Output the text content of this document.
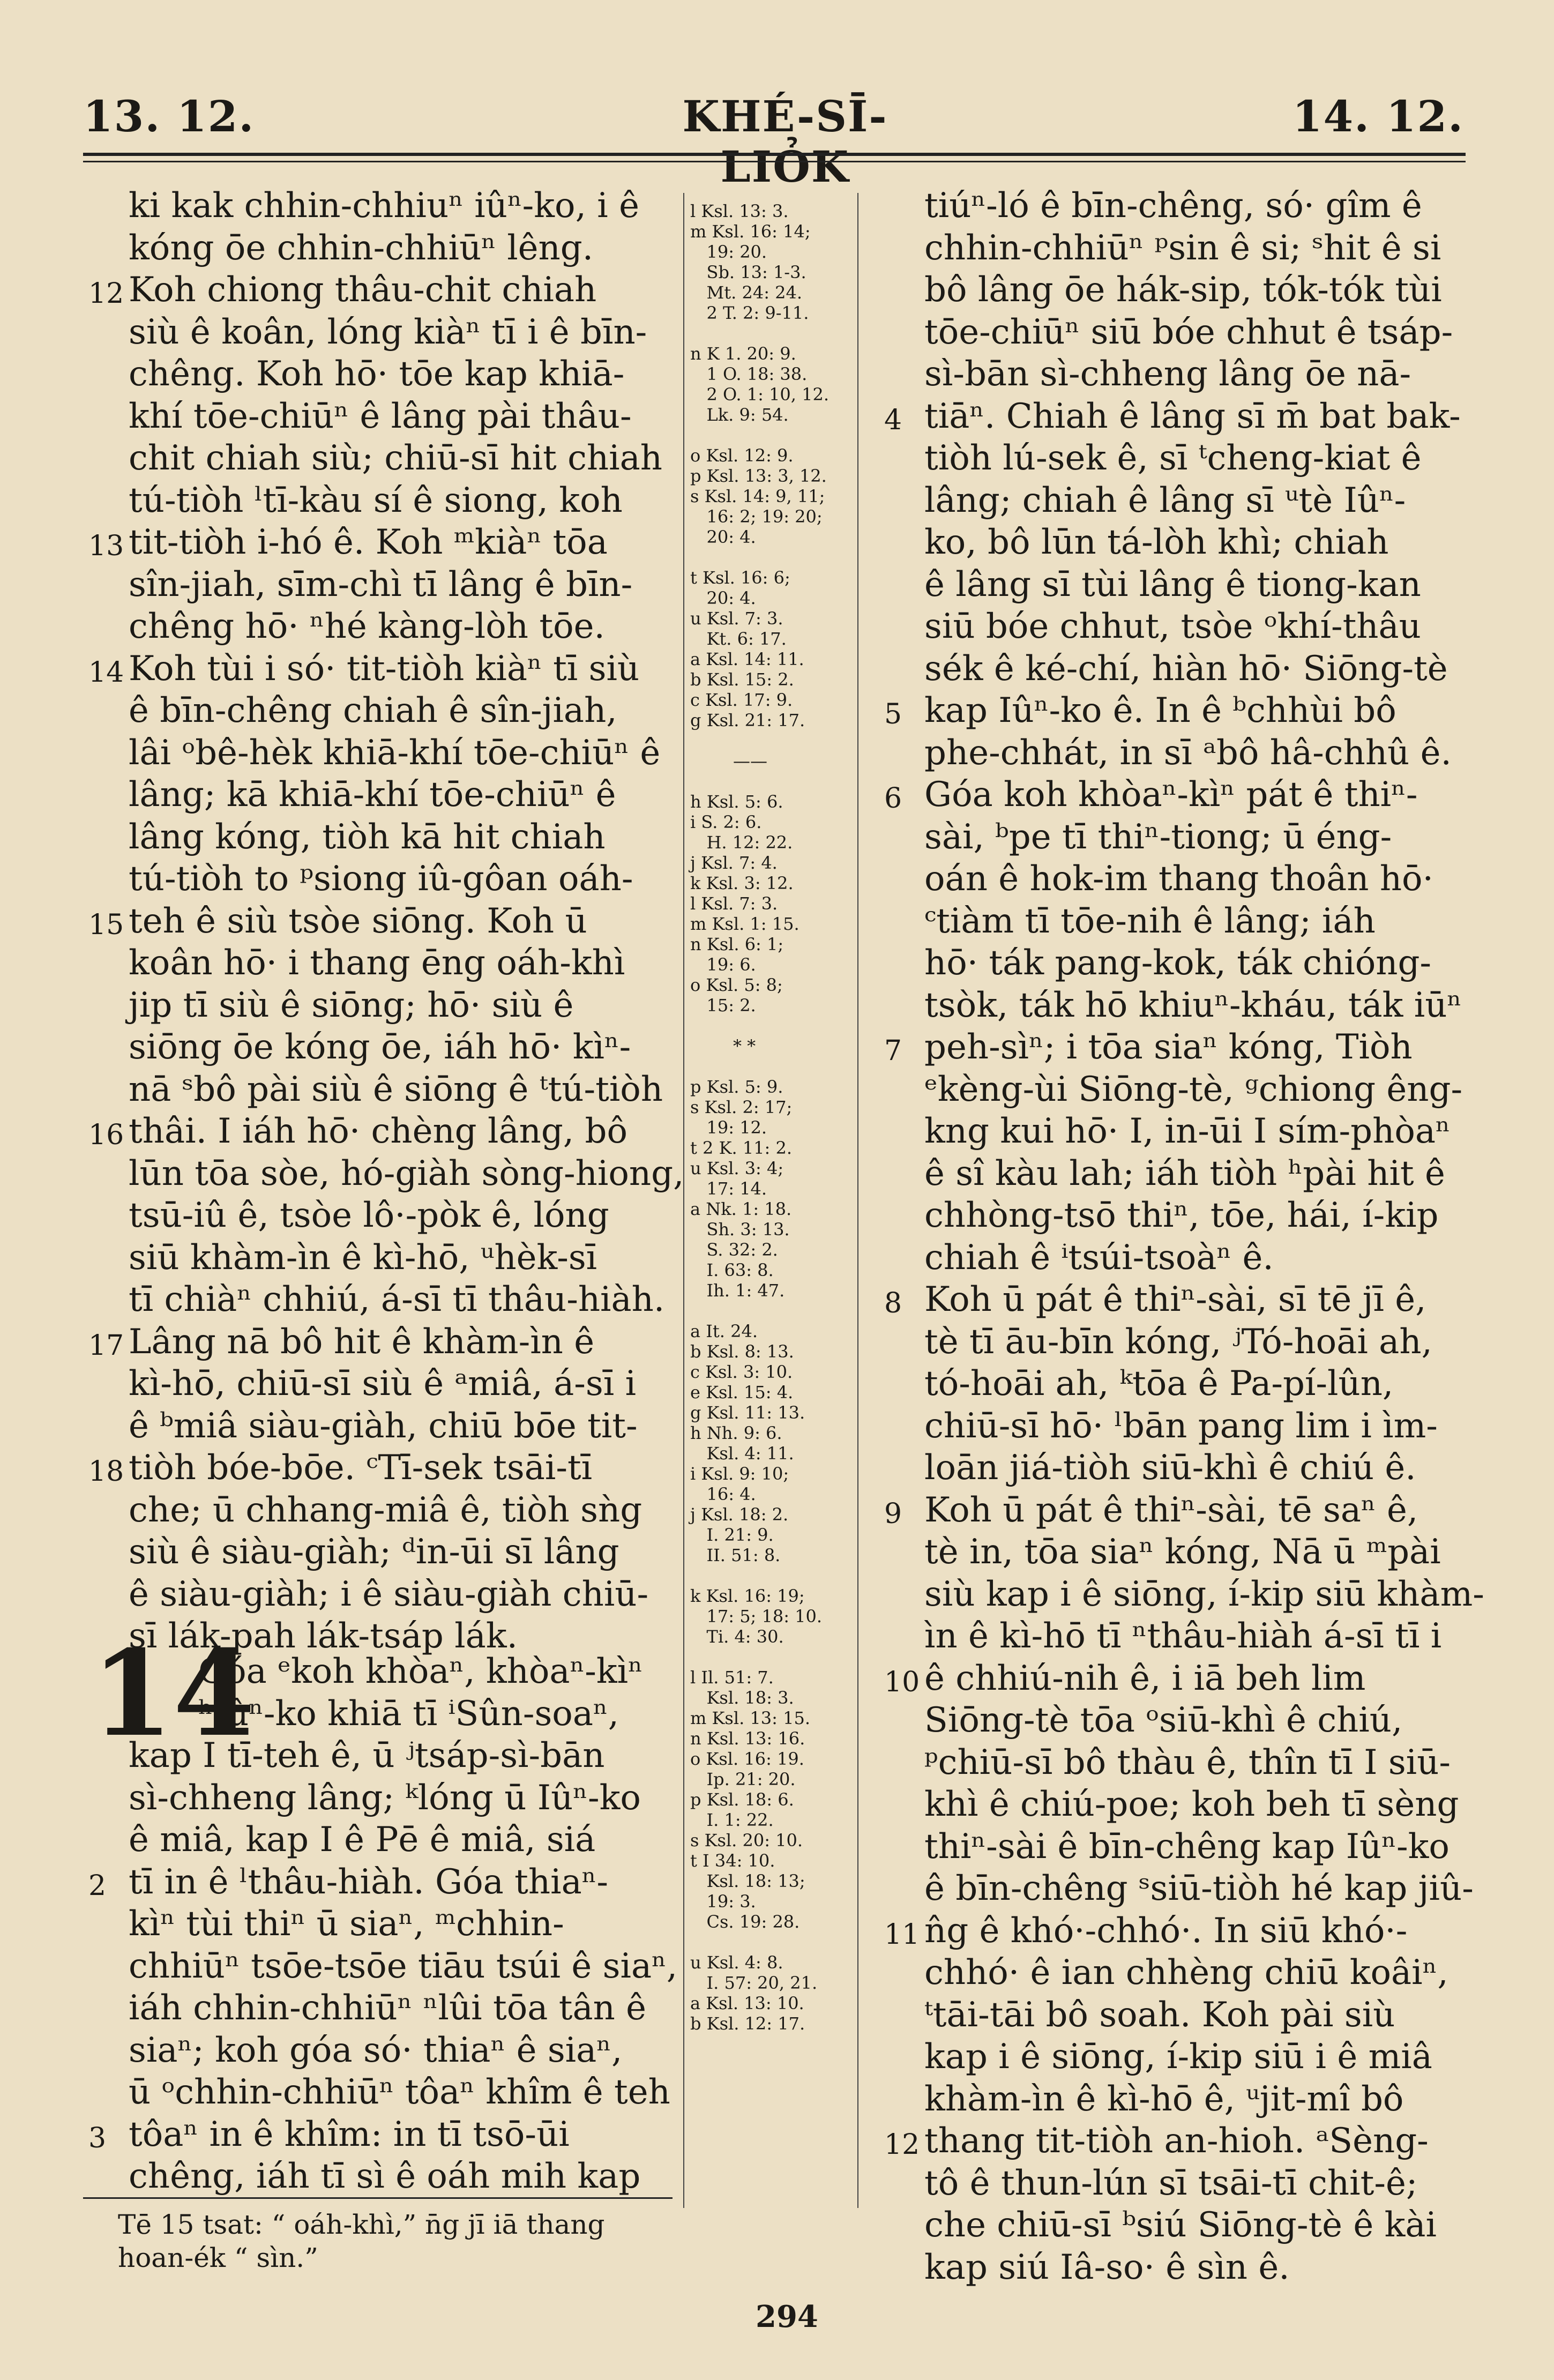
13. 12.	KHÉ-SĪ-LIỎK
14. 12.
ki kak chhin-chhiuⁿ iûⁿ-ko, i ê
kóng ōe chhin-chhiūⁿ lêng.
Koh chiong thâu-chit chiah
siù ê koân, lóng kiàⁿ tī i ê bīn-
chêng. Koh hō· tōe kap khiā-
khí tōe-chiūⁿ ê lâng pài thâu-
chit chiah siù; chiū-sī hit chiah
tú-tiòh ˡtī-kàu sí ê siong, koh
tit-tiòh i-hó ê. Koh ᵐkiàⁿ tōa
sîn-jiah, sīm-chì tī lâng ê bīn-
chêng hō· ⁿhé kàng-lòh tōe.
Koh tùi i só· tit-tiòh kiàⁿ tī siù
ê bīn-chêng chiah ê sîn-jiah,
lâi ᵒbê-hèk khiā-khí tōe-chiūⁿ ê
lâng; kā khiā-khí tōe-chiūⁿ ê
lâng kóng, tiòh kā hit chiah
tú-tiòh to ᵖsiong iû-gôan oáh-
teh ê siù tsòe siōng. Koh ū
koân hō· i thang ēng oáh-khì
jip tī siù ê siōng; hō· siù ê
siōng ōe kóng ōe, iáh hō· kìⁿ-
nā ˢbô pài siù ê siōng ê ᵗtú-tiòh
thâi. I iáh hō· chèng lâng, bô
lūn tōa sòe, hó-giàh sòng-hiong,
tsū-iû ê, tsòe lô·-pòk ê, lóng
siū khàm-ìn ê kì-hō, ᵘhèk-sī
tī chiàⁿ chhiú, á-sī tī thâu-hiàh.
Lâng nā bô hit ê khàm-ìn ê
kì-hō, chiū-sī siù ê ᵃmiâ, á-sī i
ê ᵇmiâ siàu-giàh, chiū bōe tit-
tiòh bóe-bōe. ᶜTī-sek tsāi-tī
che; ū chhang-miâ ê, tiòh sǹg
siù ê siàu-giàh; ᵈin-ūi sī lâng
ê siàu-giàh; i ê siàu-giàh chiū-
sī lák-pah lák-tsáp lák.
12
13
14
15
16
17
18
14
Góa ᵉkoh khòaⁿ, khòaⁿ-kìⁿ
ʰIûⁿ-ko khiā tī ⁱSûn-soaⁿ,
kap I tī-teh ê, ū ʲtsáp-sì-bān
sì-chheng lâng; ᵏlóng ū Iûⁿ-ko
ê miâ, kap I ê Pē ê miâ, siá
tī in ê ˡthâu-hiàh. Góa thiaⁿ-
kìⁿ tùi thiⁿ ū siaⁿ, ᵐchhin-
chhiūⁿ tsōe-tsōe tiāu tsúi ê siaⁿ,
iáh chhin-chhiūⁿ ⁿlûi tōa tân ê
siaⁿ; koh góa só· thiaⁿ ê siaⁿ,
ū ᵒchhin-chhiūⁿ tôaⁿ khîm ê teh
tôaⁿ in ê khîm: in tī tsō-ūi
chêng, iáh tī sì ê oáh mih kap
2
3
l Ksl. 13: 3.
m Ksl. 16: 14;
19: 20.
Sb. 13: 1-3.
Mt. 24: 24.
2 T. 2: 9-11.

n K 1. 20: 9.
1 O. 18: 38.
2 O. 1: 10, 12.
Lk. 9: 54.

o Ksl. 12: 9.
p Ksl. 13: 3, 12.
s Ksl. 14: 9, 11;
16: 2; 19: 20;
20: 4.

t Ksl. 16: 6;
20: 4.
u Ksl. 7: 3.
Kt. 6: 17.
a Ksl. 14: 11.
b Ksl. 15: 2.
c Ksl. 17: 9.
g Ksl. 21: 17.

——

h Ksl. 5: 6.
i S. 2: 6.
H. 12: 22.
j Ksl. 7: 4.
k Ksl. 3: 12.
l Ksl. 7: 3.
m Ksl. 1: 15.
n Ksl. 6: 1;
19: 6.
o Ksl. 5: 8;
15: 2.

* *

p Ksl. 5: 9.
s Ksl. 2: 17;
19: 12.
t 2 K. 11: 2.
u Ksl. 3: 4;
17: 14.
a Nk. 1: 18.
Sh. 3: 13.
S. 32: 2.
I. 63: 8.
Ih. 1: 47.

a It. 24.
b Ksl. 8: 13.
c Ksl. 3: 10.
e Ksl. 15: 4.
g Ksl. 11: 13.
h Nh. 9: 6.
Ksl. 4: 11.
i Ksl. 9: 10;
16: 4.
j Ksl. 18: 2.
I. 21: 9.
II. 51: 8.

k Ksl. 16: 19;
17: 5; 18: 10.
Ti. 4: 30.

l Il. 51: 7.
Ksl. 18: 3.
m Ksl. 13: 15.
n Ksl. 13: 16.
o Ksl. 16: 19.
Ip. 21: 20.
p Ksl. 18: 6.
I. 1: 22.
s Ksl. 20: 10.
t I 34: 10.
Ksl. 18: 13;
19: 3.
Cs. 19: 28.

u Ksl. 4: 8.
I. 57: 20, 21.
a Ksl. 13: 10.
b Ksl. 12: 17.
tiúⁿ-ló ê bīn-chêng, só· gîm ê
chhin-chhiūⁿ ᵖsin ê si; ˢhit ê si
bô lâng ōe hák-sip, tók-tók tùi
tōe-chiūⁿ siū bóe chhut ê tsáp-
sì-bān sì-chheng lâng ōe nā-
tiāⁿ. Chiah ê lâng sī m̄ bat bak-
tiòh lú-sek ê, sī ᵗcheng-kiat ê
lâng; chiah ê lâng sī ᵘtè Iûⁿ-
ko, bô lūn tá-lòh khì; chiah
ê lâng sī tùi lâng ê tiong-kan
siū bóe chhut, tsòe ᵒkhí-thâu
sék ê ké-chí, hiàn hō· Siōng-tè
kap Iûⁿ-ko ê. In ê ᵇchhùi bô
phe-chhát, in sī ᵃbô hâ-chhû ê.
Góa koh khòaⁿ-kìⁿ pát ê thiⁿ-
sài, ᵇpe tī thiⁿ-tiong; ū éng-
oán ê hok-im thang thoân hō·
ᶜtiàm tī tōe-nih ê lâng; iáh
hō· ták pang-kok, ták chióng-
tsòk, ták hō khiuⁿ-kháu, ták iūⁿ
peh-sìⁿ; i tōa siaⁿ kóng, Tiòh
ᵉkèng-ùi Siōng-tè, ᵍchiong êng-
kng kui hō· I, in-ūi I sím-phòaⁿ
ê sî kàu lah; iáh tiòh ʰpài hit ê
chhòng-tsō thiⁿ, tōe, hái, í-kip
chiah ê ⁱtsúi-tsoàⁿ ê.
Koh ū pát ê thiⁿ-sài, sī tē jī ê,
tè tī āu-bīn kóng, ʲTó-hoāi ah,
tó-hoāi ah, ᵏtōa ê Pa-pí-lûn,
chiū-sī hō· ˡbān pang lim i ìm-
loān jiá-tiòh siū-khì ê chiú ê.
Koh ū pát ê thiⁿ-sài, tē saⁿ ê,
tè in, tōa siaⁿ kóng, Nā ū ᵐpài
siù kap i ê siōng, í-kip siū khàm-
ìn ê kì-hō tī ⁿthâu-hiàh á-sī tī i
ê chhiú-nih ê, i iā beh lim
Siōng-tè tōa ᵒsiū-khì ê chiú,
ᵖchiū-sī bô thàu ê, thîn tī I siū-
khì ê chiú-poe; koh beh tī sèng
thiⁿ-sài ê bīn-chêng kap Iûⁿ-ko
ê bīn-chêng ˢsiū-tiòh hé kap jiû-
n̂g ê khó·-chhó·. In siū khó·-
chhó· ê ian chhèng chiū koâiⁿ,
ᵗtāi-tāi bô soah. Koh pài siù
kap i ê siōng, í-kip siū i ê miâ
khàm-ìn ê kì-hō ê, ᵘjit-mî bô
thang tit-tiòh an-hioh. ᵃSèng-
tô ê thun-lún sī tsāi-tī chit-ê;
che chiū-sī ᵇsiú Siōng-tè ê kài
kap siú Iâ-so· ê sìn ê.
4
5
6
7
8
9
10
11
12
Tē 15 tsat: “ oáh-khì,” n̄g jī iā thang
hoan-ék “ sìn.”
294
